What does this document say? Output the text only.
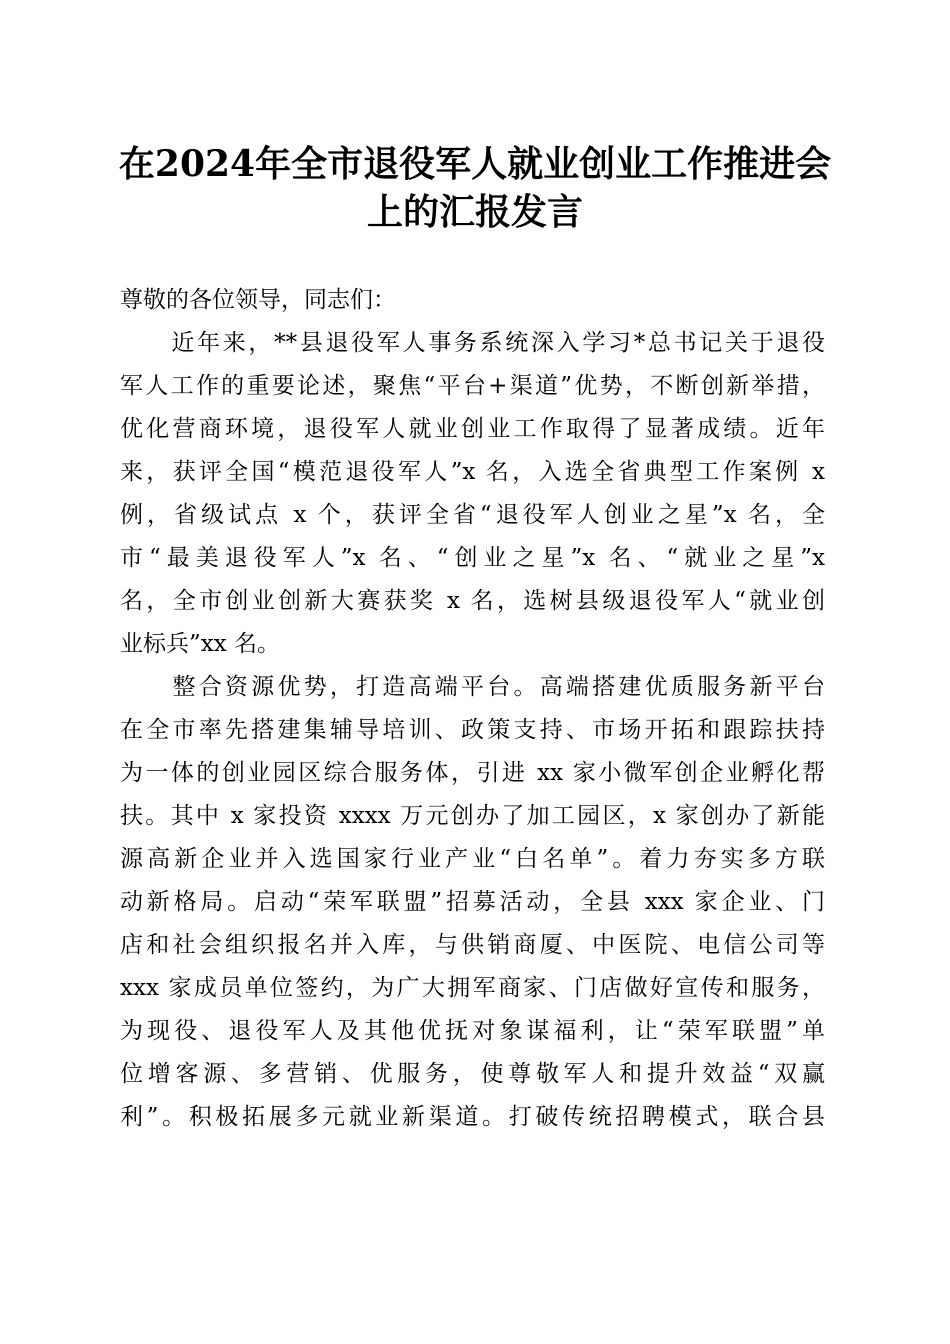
在2024年全市退役军人就业创业工作推进会
上的汇报发言
尊敬的各位领导，同志们：
　　近年来，**县退役军人事务系统深入学习*总书记关于退役
军人工作的重要论述，聚焦“平台+渠道”优势，不断创新举措，
优化营商环境，退役军人就业创业工作取得了显著成绩。近年
来，获评全国“模范退役军人”x 名，入选全省典型工作案例 x
例，省级试点 x 个，获评全省“退役军人创业之星”x 名，全
市“最美退役军人”x 名、“创业之星”x 名、“就业之星”x
名，全市创业创新大赛获奖 x 名，选树县级退役军人“就业创
业标兵”xx 名。
　　整合资源优势，打造高端平台。高端搭建优质服务新平台
在全市率先搭建集辅导培训、政策支持、市场开拓和跟踪扶持
为一体的创业园区综合服务体，引进 xx 家小微军创企业孵化帮
扶。其中 x 家投资 xxxx 万元创办了加工园区，x 家创办了新能
源高新企业并入选国家行业产业“白名单”。着力夯实多方联
动新格局。启动“荣军联盟”招募活动，全县 xxx 家企业、门
店和社会组织报名并入库，与供销商厦、中医院、电信公司等
xxx 家成员单位签约，为广大拥军商家、门店做好宣传和服务，
为现役、退役军人及其他优抚对象谋福利，让“荣军联盟”单
位增客源、多营销、优服务，使尊敬军人和提升效益“双赢
利”。积极拓展多元就业新渠道。打破传统招聘模式，联合县
